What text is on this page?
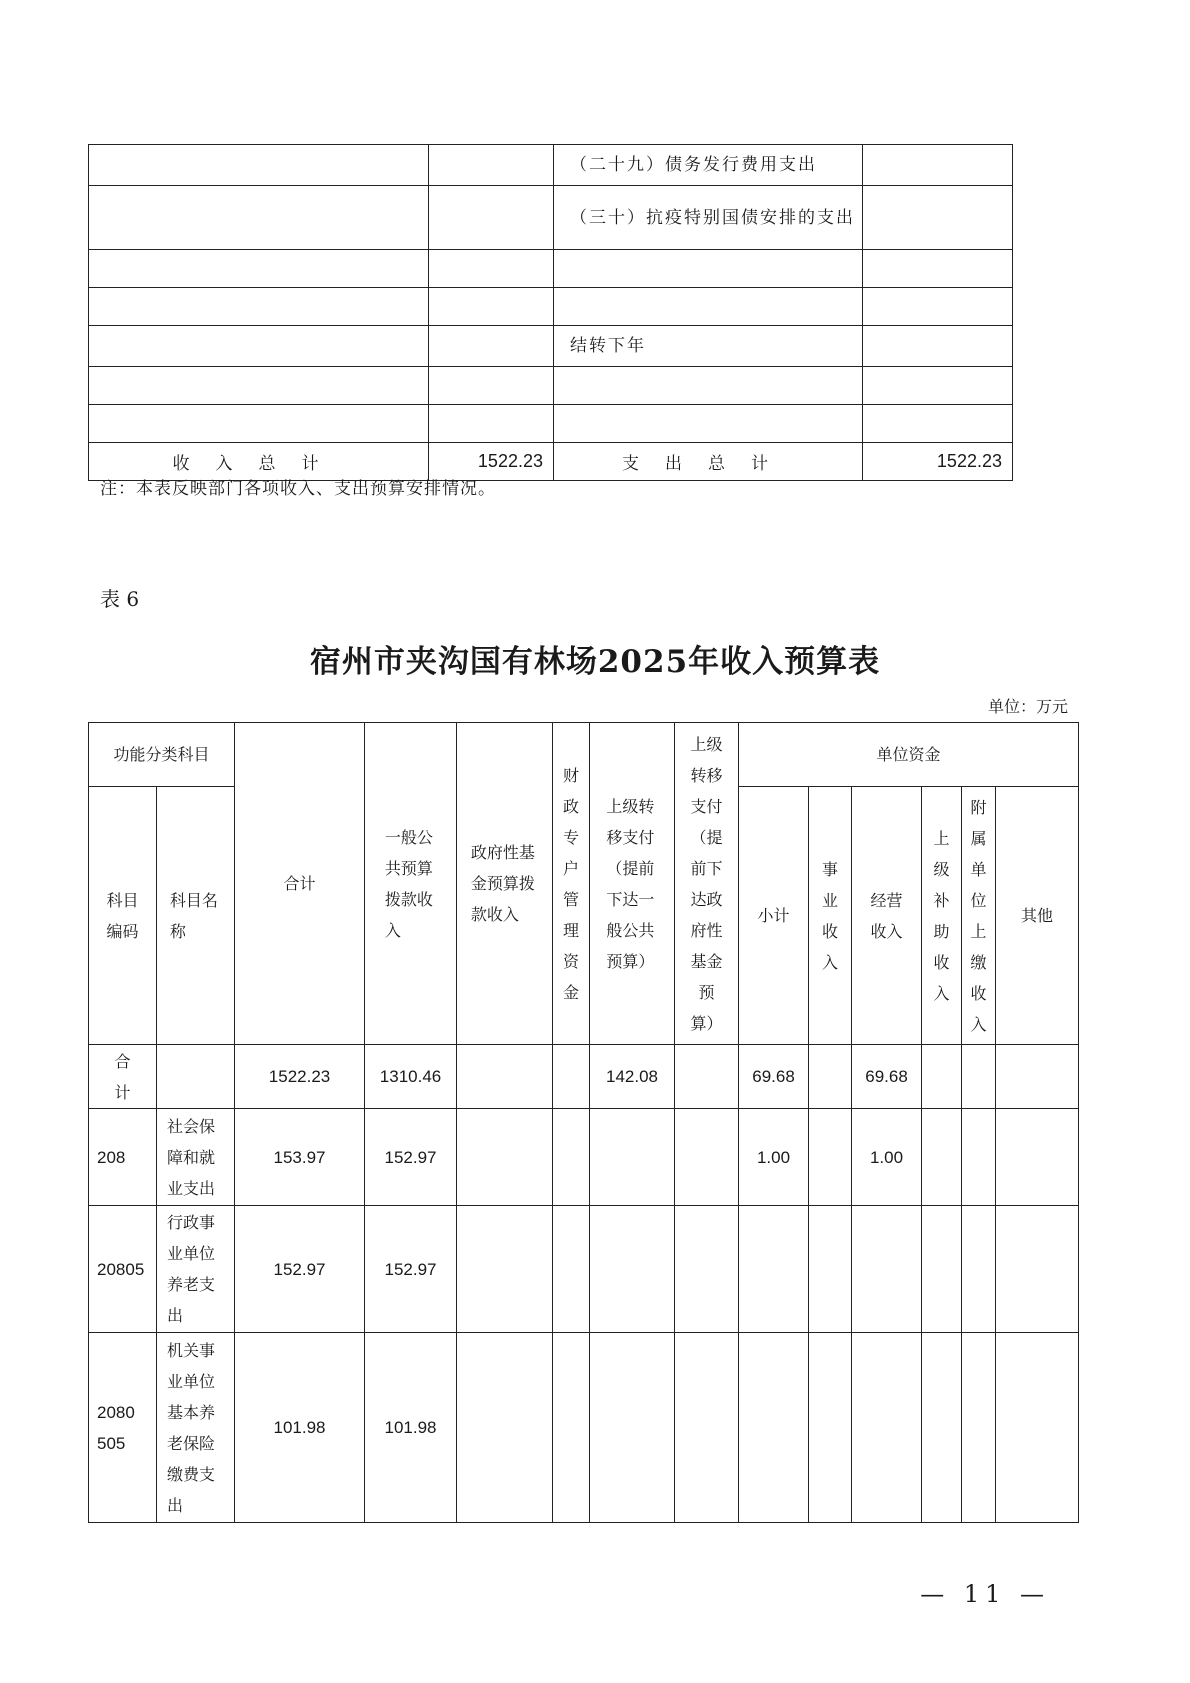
		（二十九）债务发行费用支出	
		（三十）抗疫特别国债安排的支出	

		结转下年	

收入总计	1522.23	支出总计	1522.23
注：本表反映部门各项收入、支出预算安排情况。
表 6
宿州市夹沟国有林场2025年收入预算表
单位：万元
功能分类科目		合计	一般公共预算拨款收入	政府性基金预算拨款收入	财政专户管理资金	上级转移支付（提前下达一般公共预算）	上级转移支付（提前下达政府性基金预算）	单位资金					
科目编码	科目名称							小计	事业收入	经营收入	上级补助收入	附属单位上缴收入	其他
合计		1522.23	1310.46			142.08		69.68		69.68			
208	社会保障和就业支出	153.97	152.97					1.00		1.00			
20805	行政事业单位养老支出	152.97	152.97										
2080505	机关事业单位基本养老保险缴费支出	101.98	101.98										
— 11 —
